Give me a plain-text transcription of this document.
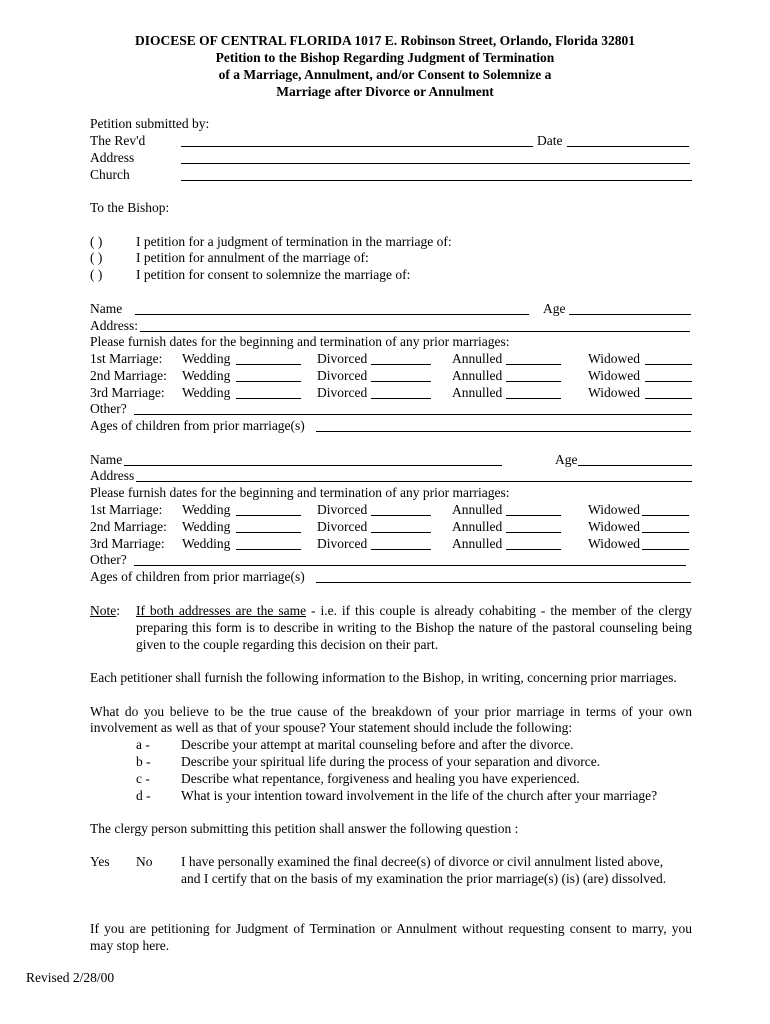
DIOCESE OF CENTRAL FLORIDA 1017 E. Robinson Street, Orlando, Florida 32801
Petition to the Bishop Regarding Judgment of Termination
of a Marriage, Annulment, and/or Consent to Solemnize a
Marriage after Divorce or Annulment
Petition submitted by:
The Rev'd	Date
Address
Church
To the Bishop:
( ) I petition for a judgment of termination in the marriage of:
( ) I petition for annulment of the marriage of:
( ) I petition for consent to solemnize the marriage of:
Name	Age
Address:
Please furnish dates for the beginning and termination of any prior marriages:
1st Marriage: Wedding	Divorced	Annulled	Widowed
2nd Marriage: Wedding	Divorced	Annulled	Widowed
3rd Marriage: Wedding	Divorced	Annulled	Widowed
Other?
Ages of children from prior marriage(s)
Name	Age
Address
Please furnish dates for the beginning and termination of any prior marriages:
1st Marriage: Wedding	Divorced	Annulled	Widowed
2nd Marriage: Wedding	Divorced	Annulled	Widowed
3rd Marriage: Wedding	Divorced	Annulled	Widowed
Other?
Ages of children from prior marriage(s)
Note: If both addresses are the same - i.e. if this couple is already cohabiting - the member of the clergy
preparing this form is to describe in writing to the Bishop the nature of the pastoral counseling being
given to the couple regarding this decision on their part.
Each petitioner shall furnish the following information to the Bishop, in writing, concerning prior marriages.
What do you believe to be the true cause of the breakdown of your prior marriage in terms of your own
involvement as well as that of your spouse? Your statement should include the following:
a - Describe your attempt at marital counseling before and after the divorce.
b - Describe your spiritual life during the process of your separation and divorce.
c - Describe what repentance, forgiveness and healing you have experienced.
d - What is your intention toward involvement in the life of the church after your marriage?
The clergy person submitting this petition shall answer the following question :
Yes No I have personally examined the final decree(s) of divorce or civil annulment listed above,
and I certify that on the basis of my examination the prior marriage(s) (is) (are) dissolved.
If you are petitioning for Judgment of Termination or Annulment without requesting consent to marry, you
may stop here.
Revised 2/28/00
